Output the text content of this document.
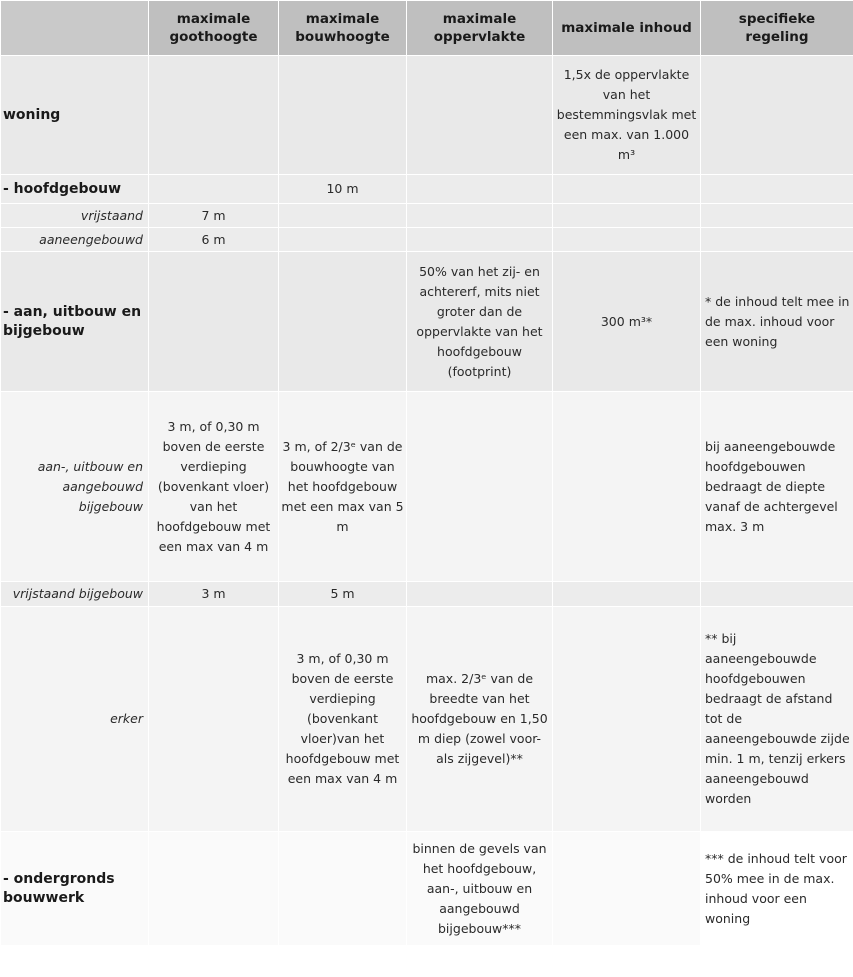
	maximale goothoogte	maximale bouwhoogte	maximale oppervlakte	maximale inhoud	specifieke regeling
woning				1,5x de oppervlakte van het bestemmingsvlak met een max. van 1.000 m³	
- hoofdgebouw		10 m			
vrijstaand	7 m				
aaneengebouwd	6 m				
- aan, uitbouw en bijgebouw			50% van het zij- en achtererf, mits niet groter dan de oppervlakte van het hoofdgebouw (footprint)	300 m³*	* de inhoud telt mee in de max. inhoud voor een woning
aan-, uitbouw en aangebouwd bijgebouw	3 m, of 0,30 m boven de eerste verdieping (bovenkant vloer) van het hoofdgebouw met een max van 4 m	3 m, of 2/3ᵉ van de bouwhoogte van het hoofdgebouw met een max van 5 m			bij aaneengebouwde hoofdgebouwen bedraagt de diepte vanaf de achtergevel max. 3 m
vrijstaand bijgebouw	3 m	5 m			
erker		3 m, of 0,30 m boven de eerste verdieping (bovenkant vloer)van het hoofdgebouw met een max van 4 m	max. 2/3ᵉ van de breedte van het hoofdgebouw en 1,50 m diep (zowel voor- als zijgevel)**		** bij aaneengebouwde hoofdgebouwen bedraagt de afstand tot de aaneengebouwde zijde min. 1 m, tenzij erkers aaneengebouwd worden
- ondergronds bouwwerk			binnen de gevels van het hoofdgebouw, aan-, uitbouw en aangebouwd bijgebouw***		*** de inhoud telt voor 50% mee in de max. inhoud voor een woning
